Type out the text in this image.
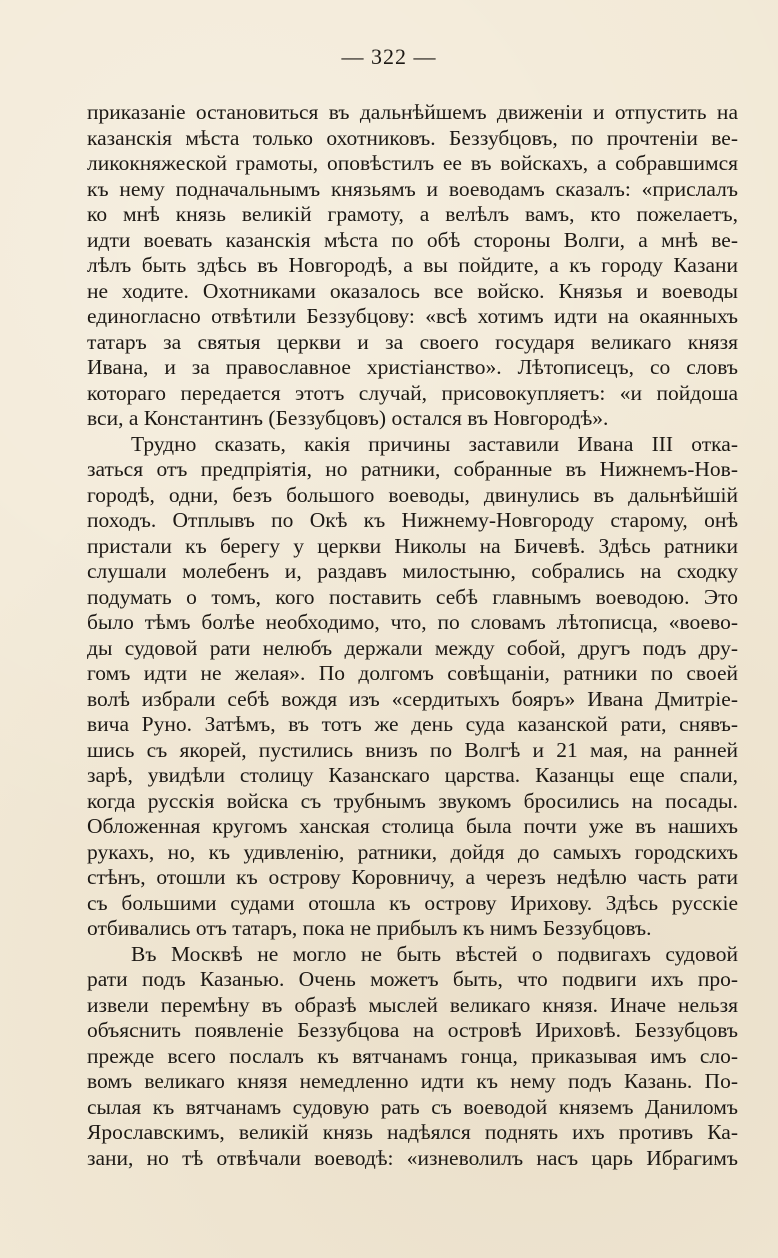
— 322 —
приказаніе остановиться въ дальнѣйшемъ движеніи и отпустить на
казанскія мѣста только охотниковъ. Беззубцовъ, по прочтеніи ве-
ликокняжеской грамоты, оповѣстилъ ее въ войскахъ, а собравшимся
къ нему подначальнымъ князьямъ и воеводамъ сказалъ: «прислалъ
ко мнѣ князь великій грамоту, а велѣлъ вамъ, кто пожелаетъ,
идти воевать казанскія мѣста по обѣ стороны Волги, а мнѣ ве-
лѣлъ быть здѣсь въ Новгородѣ, а вы пойдите, а къ городу Казани
не ходите. Охотниками оказалось все войско. Князья и воеводы
единогласно отвѣтили Беззубцову: «всѣ хотимъ идти на окаянныхъ
татаръ за святыя церкви и за своего государя великаго князя
Ивана, и за православное христіанство». Лѣтописецъ, со словъ
котораго передается этотъ случай, присовокупляетъ: «и пойдоша
вси, а Константинъ (Беззубцовъ) остался въ Новгородѣ».
Трудно сказать, какія причины заставили Ивана III отка-
заться отъ предпріятія, но ратники, собранные въ Нижнемъ-Нов-
городѣ, одни, безъ большого воеводы, двинулись въ дальнѣйшій
походъ. Отплывъ по Окѣ къ Нижнему-Новгороду старому, онѣ
пристали къ берегу у церкви Николы на Бичевѣ. Здѣсь ратники
слушали молебенъ и, раздавъ милостыню, собрались на сходку
подумать о томъ, кого поставить себѣ главнымъ воеводою. Это
было тѣмъ болѣе необходимо, что, по словамъ лѣтописца, «воево-
ды судовой рати нелюбъ держали между собой, другъ подъ дру-
гомъ идти не желая». По долгомъ совѣщаніи, ратники по своей
волѣ избрали себѣ вождя изъ «сердитыхъ бояръ» Ивана Дмитріе-
вича Руно. Затѣмъ, въ тотъ же день суда казанской рати, снявъ-
шись съ якорей, пустились внизъ по Волгѣ и 21 мая, на ранней
зарѣ, увидѣли столицу Казанскаго царства. Казанцы еще спали,
когда русскія войска съ трубнымъ звукомъ бросились на посады.
Обложенная кругомъ ханская столица была почти уже въ нашихъ
рукахъ, но, къ удивленію, ратники, дойдя до самыхъ городскихъ
стѣнъ, отошли къ острову Коровничу, а черезъ недѣлю часть рати
съ большими судами отошла къ острову Ирихову. Здѣсь русскіе
отбивались отъ татаръ, пока не прибылъ къ нимъ Беззубцовъ.
Въ Москвѣ не могло не быть вѣстей о подвигахъ судовой
рати подъ Казанью. Очень можетъ быть, что подвиги ихъ про-
извели перемѣну въ образѣ мыслей великаго князя. Иначе нельзя
объяснить появленіе Беззубцова на островѣ Ириховѣ. Беззубцовъ
прежде всего послалъ къ вятчанамъ гонца, приказывая имъ сло-
вомъ великаго князя немедленно идти къ нему подъ Казань. По-
сылая къ вятчанамъ судовую рать съ воеводой княземъ Даниломъ
Ярославскимъ, великій князь надѣялся поднять ихъ противъ Ка-
зани, но тѣ отвѣчали воеводѣ: «изневолилъ насъ царь Ибрагимъ
